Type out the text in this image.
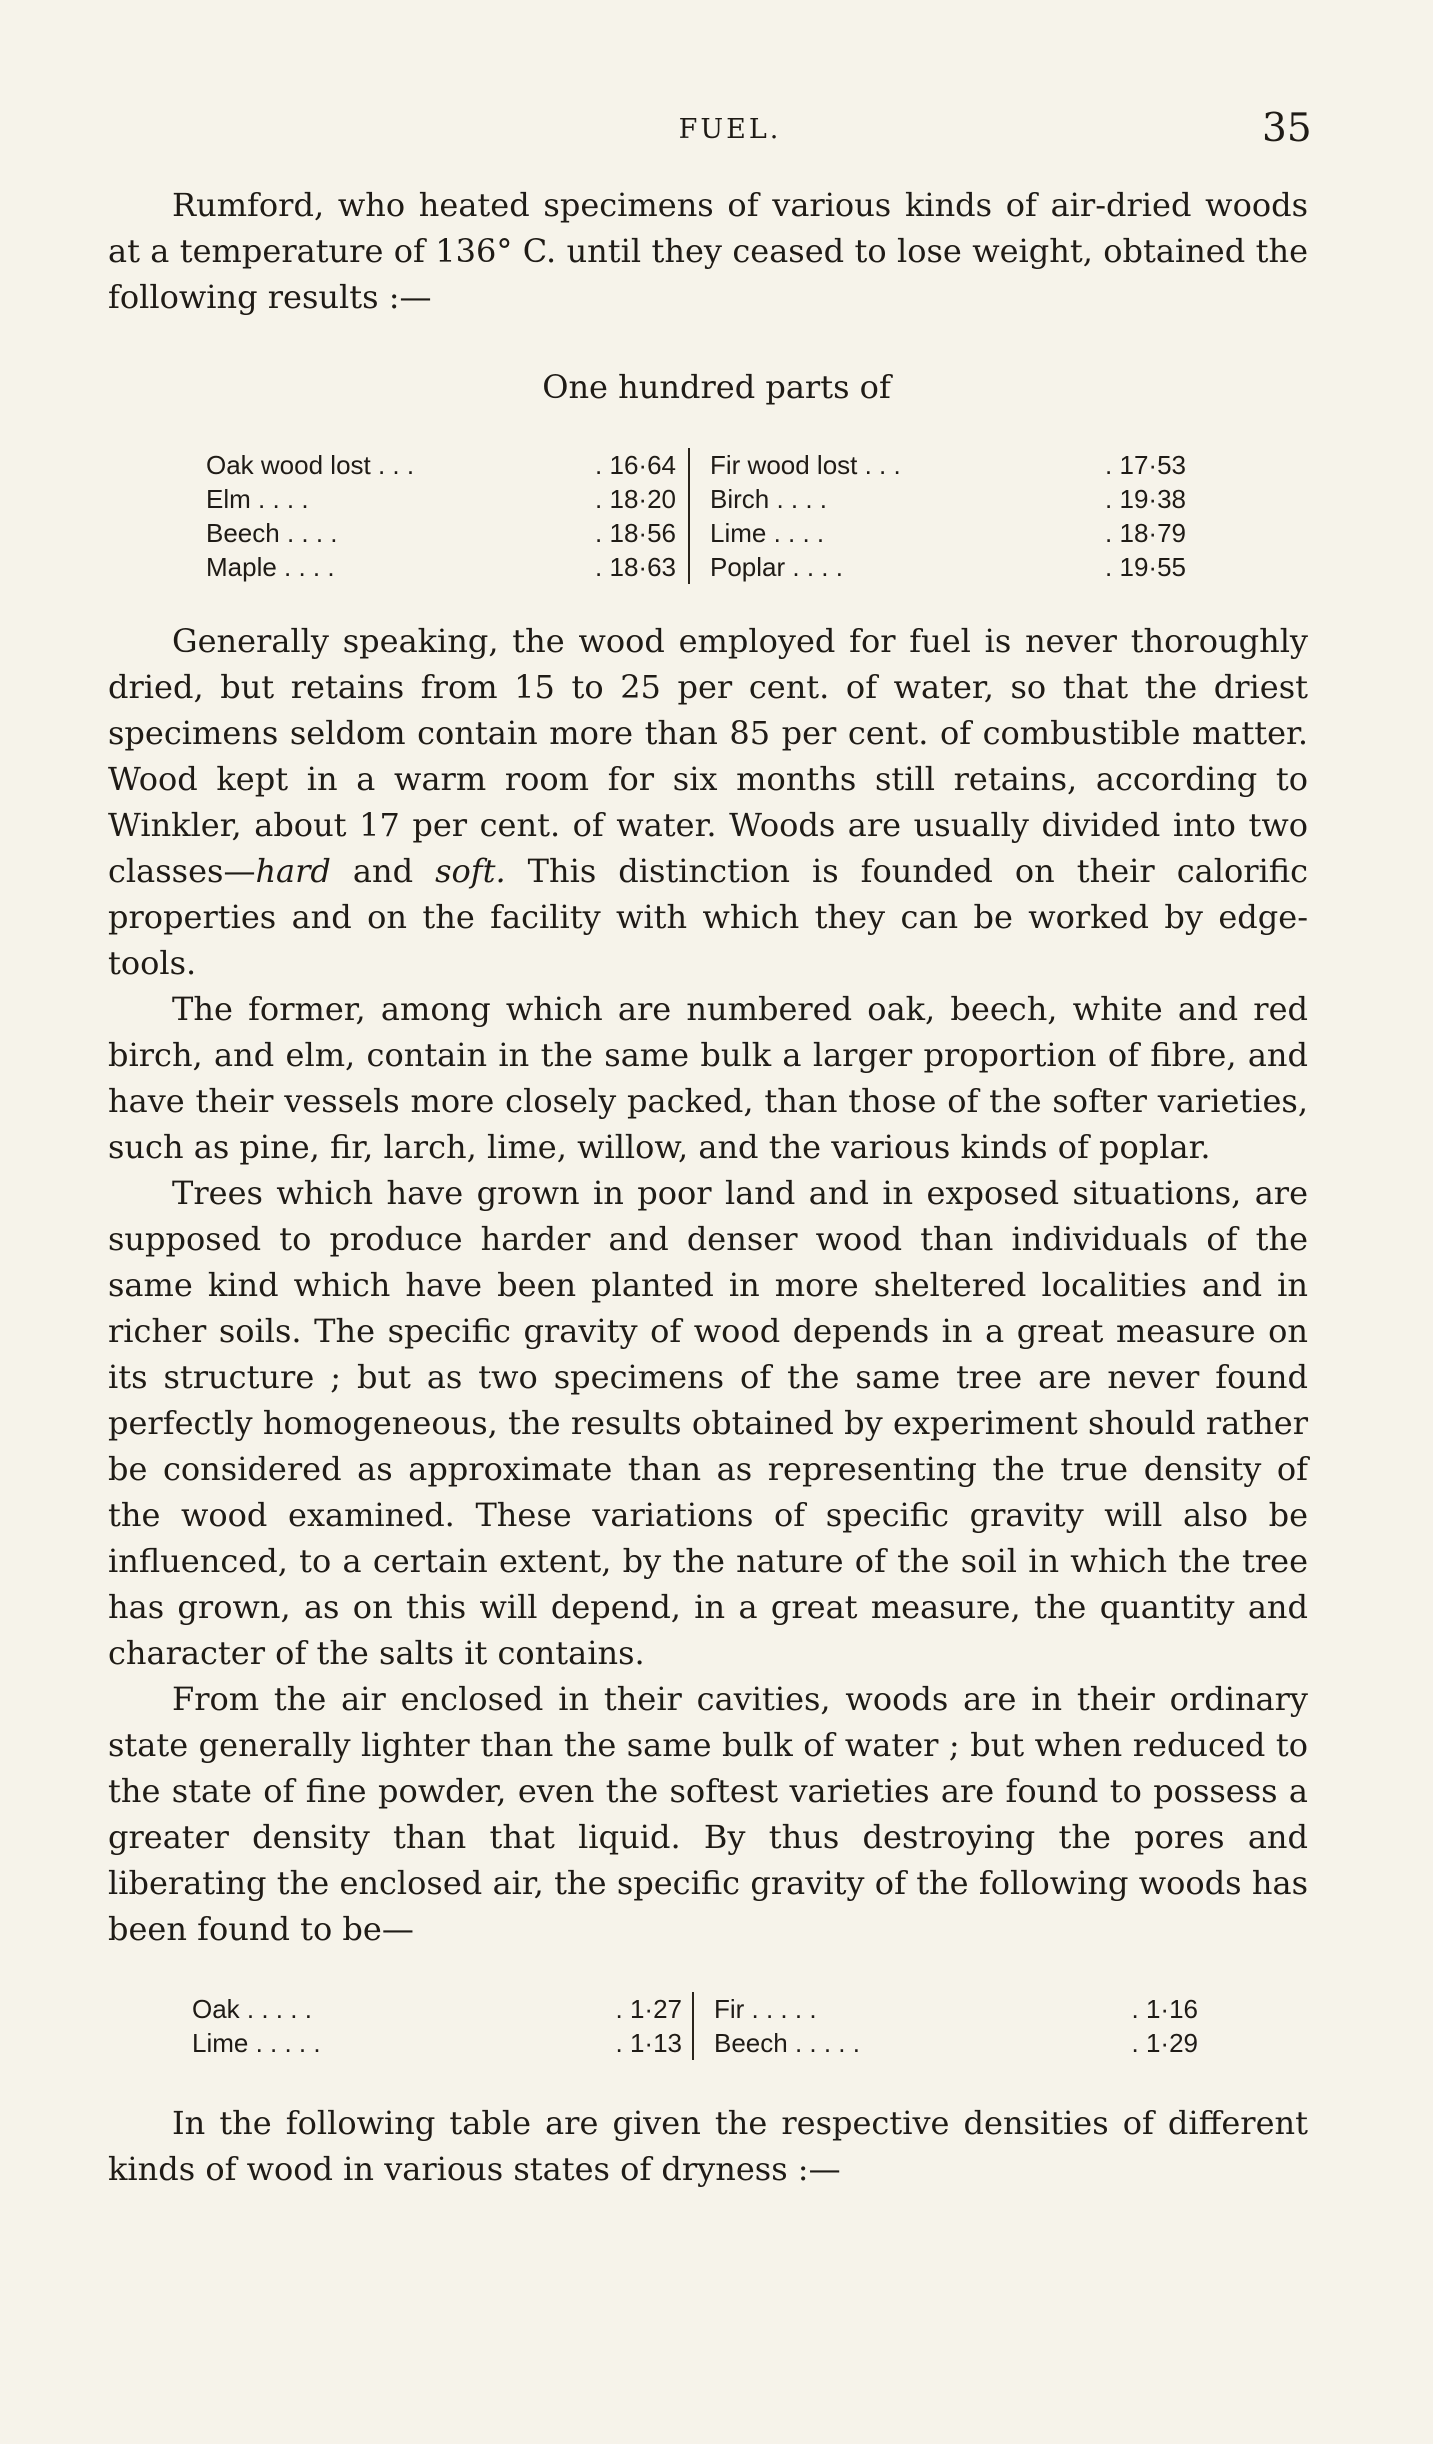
FUEL.	35

Rumford, who heated specimens of various kinds of air-dried woods at a temperature of 136° C. until they ceased to lose weight, obtained the following results :—

One hundred parts of
Oak wood lost . . .	. 16·64		Fir wood lost . . .	. 17·53
Elm . . . .	. 18·20		Birch . . . .	. 19·38
Beech . . . .	. 18·56		Lime . . . .	. 18·79
Maple . . . .	. 18·63		Poplar . . . .	. 19·55

Generally speaking, the wood employed for fuel is never thoroughly dried, but retains from 15 to 25 per cent. of water, so that the driest specimens seldom contain more than 85 per cent. of combustible matter. Wood kept in a warm room for six months still retains, according to Winkler, about 17 per cent. of water. Woods are usually divided into two classes—hard and soft. This distinction is founded on their calorific properties and on the facility with which they can be worked by edge-tools.

The former, among which are numbered oak, beech, white and red birch, and elm, contain in the same bulk a larger proportion of fibre, and have their vessels more closely packed, than those of the softer varieties, such as pine, fir, larch, lime, willow, and the various kinds of poplar.

Trees which have grown in poor land and in exposed situations, are supposed to produce harder and denser wood than individuals of the same kind which have been planted in more sheltered localities and in richer soils. The specific gravity of wood depends in a great measure on its structure ; but as two specimens of the same tree are never found perfectly homogeneous, the results obtained by experiment should rather be considered as approximate than as representing the true density of the wood examined. These variations of specific gravity will also be influenced, to a certain extent, by the nature of the soil in which the tree has grown, as on this will depend, in a great measure, the quantity and character of the salts it contains.

From the air enclosed in their cavities, woods are in their ordinary state generally lighter than the same bulk of water ; but when reduced to the state of fine powder, even the softest varieties are found to possess a greater density than that liquid. By thus destroying the pores and liberating the enclosed air, the specific gravity of the following woods has been found to be—

Oak . . . . .	. 1·27		Fir . . . . .	. 1·16
Lime . . . . .	. 1·13		Beech . . . . .	. 1·29

In the following table are given the respective densities of different kinds of wood in various states of dryness :—
